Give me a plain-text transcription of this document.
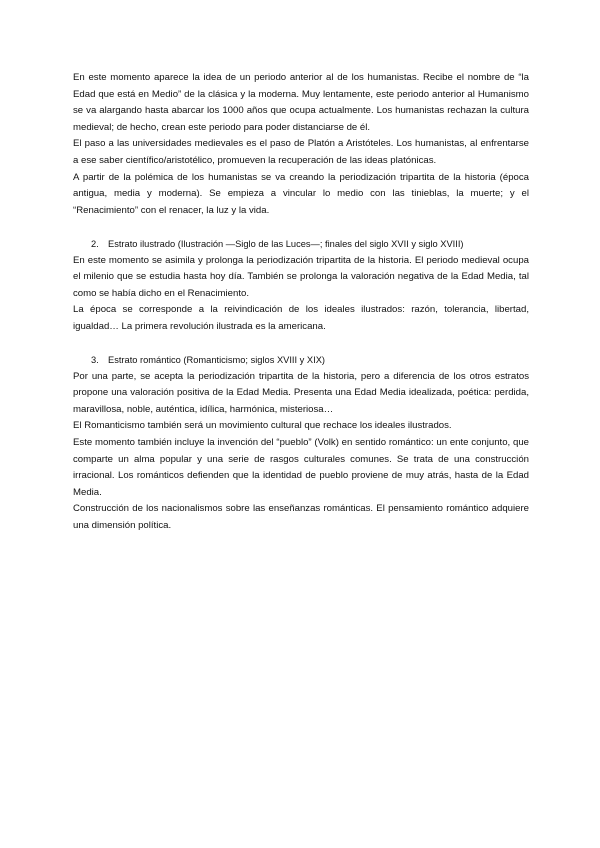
En este momento aparece la idea de un periodo anterior al de los humanistas. Recibe el nombre de “la Edad que está en Medio” de la clásica y la moderna. Muy lentamente, este periodo anterior al Humanismo se va alargando hasta abarcar los 1000 años que ocupa actualmente. Los humanistas rechazan la cultura medieval; de hecho, crean este periodo para poder distanciarse de él.

El paso a las universidades medievales es el paso de Platón a Aristóteles. Los humanistas, al enfrentarse a ese saber científico/aristotélico, promueven la recuperación de las ideas platónicas.

A partir de la polémica de los humanistas se va creando la periodización tripartita de la historia (época antigua, media y moderna). Se empieza a vincular lo medio con las tinieblas, la muerte; y el “Renacimiento” con el renacer, la luz y la vida.

2. Estrato ilustrado (Ilustración —Siglo de las Luces—; finales del siglo XVII y siglo XVIII)

En este momento se asimila y prolonga la periodización tripartita de la historia. El periodo medieval ocupa el milenio que se estudia hasta hoy día. También se prolonga la valoración negativa de la Edad Media, tal como se había dicho en el Renacimiento.

La época se corresponde a la reivindicación de los ideales ilustrados: razón, tolerancia, libertad, igualdad… La primera revolución ilustrada es la americana.

3. Estrato romántico (Romanticismo; siglos XVIII y XIX)

Por una parte, se acepta la periodización tripartita de la historia, pero a diferencia de los otros estratos propone una valoración positiva de la Edad Media. Presenta una Edad Media idealizada, poética: perdida, maravillosa, noble, auténtica, idílica, harmónica, misteriosa…

El Romanticismo también será un movimiento cultural que rechace los ideales ilustrados.

Este momento también incluye la invención del “pueblo” (Volk) en sentido romántico: un ente conjunto, que comparte un alma popular y una serie de rasgos culturales comunes. Se trata de una construcción irracional. Los románticos defienden que la identidad de pueblo proviene de muy atrás, hasta de la Edad Media.

Construcción de los nacionalismos sobre las enseñanzas románticas. El pensamiento romántico adquiere una dimensión política.
